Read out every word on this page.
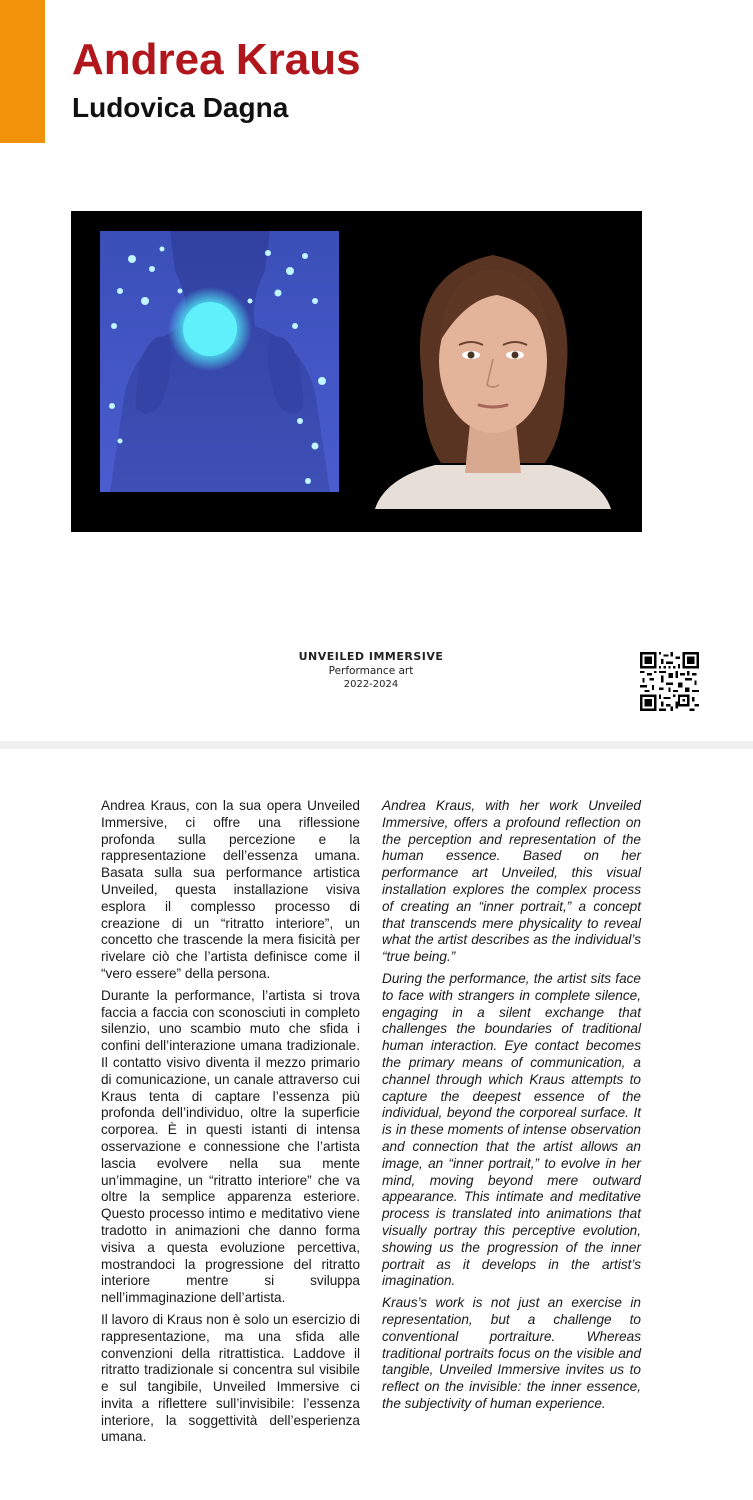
Andrea Kraus
Ludovica Dagna
UNVEILED IMMERSIVE
Performance art
2022-2024

Andrea Kraus, con la sua opera Unveiled Immersive, ci offre una riflessione profonda sulla percezione e la rappresentazione dell’essenza umana. Basata sulla sua performance artistica Unveiled, questa installazione visiva esplora il complesso processo di creazione di un “ritratto interiore”, un concetto che trascende la mera fisicità per rivelare ciò che l’artista definisce come il “vero essere” della persona.

Durante la performance, l’artista si trova faccia a faccia con sconosciuti in completo silenzio, uno scambio muto che sfida i confini dell’interazione umana tradizionale. Il contatto visivo diventa il mezzo primario di comunicazione, un canale attraverso cui Kraus tenta di captare l’essenza più profonda dell’individuo, oltre la superficie corporea. È in questi istanti di intensa osservazione e connessione che l’artista lascia evolvere nella sua mente un’immagine, un “ritratto interiore” che va oltre la semplice apparenza esteriore. Questo processo intimo e meditativo viene tradotto in animazioni che danno forma visiva a questa evoluzione percettiva, mostrandoci la progressione del ritratto interiore mentre si sviluppa nell’immaginazione dell’artista.

Il lavoro di Kraus non è solo un esercizio di rappresentazione, ma una sfida alle convenzioni della ritrattistica. Laddove il ritratto tradizionale si concentra sul visibile e sul tangibile, Unveiled Immersive ci invita a riflettere sull’invisibile: l’essenza interiore, la soggettività dell’esperienza umana.

Andrea Kraus, with her work Unveiled Immersive, offers a profound reflection on the perception and representation of the human essence. Based on her performance art Unveiled, this visual installation explores the complex process of creating an “inner portrait,” a concept that transcends mere physicality to reveal what the artist describes as the individual’s “true being.”

During the performance, the artist sits face to face with strangers in complete silence, engaging in a silent exchange that challenges the boundaries of traditional human interaction. Eye contact becomes the primary means of communication, a channel through which Kraus attempts to capture the deepest essence of the individual, beyond the corporeal surface. It is in these moments of intense observation and connection that the artist allows an image, an “inner portrait,” to evolve in her mind, moving beyond mere outward appearance. This intimate and meditative process is translated into animations that visually portray this perceptive evolution, showing us the progression of the inner portrait as it develops in the artist’s imagination.

Kraus’s work is not just an exercise in representation, but a challenge to conventional portraiture. Whereas traditional portraits focus on the visible and tangible, Unveiled Immersive invites us to reflect on the invisible: the inner essence, the subjectivity of human experience.
